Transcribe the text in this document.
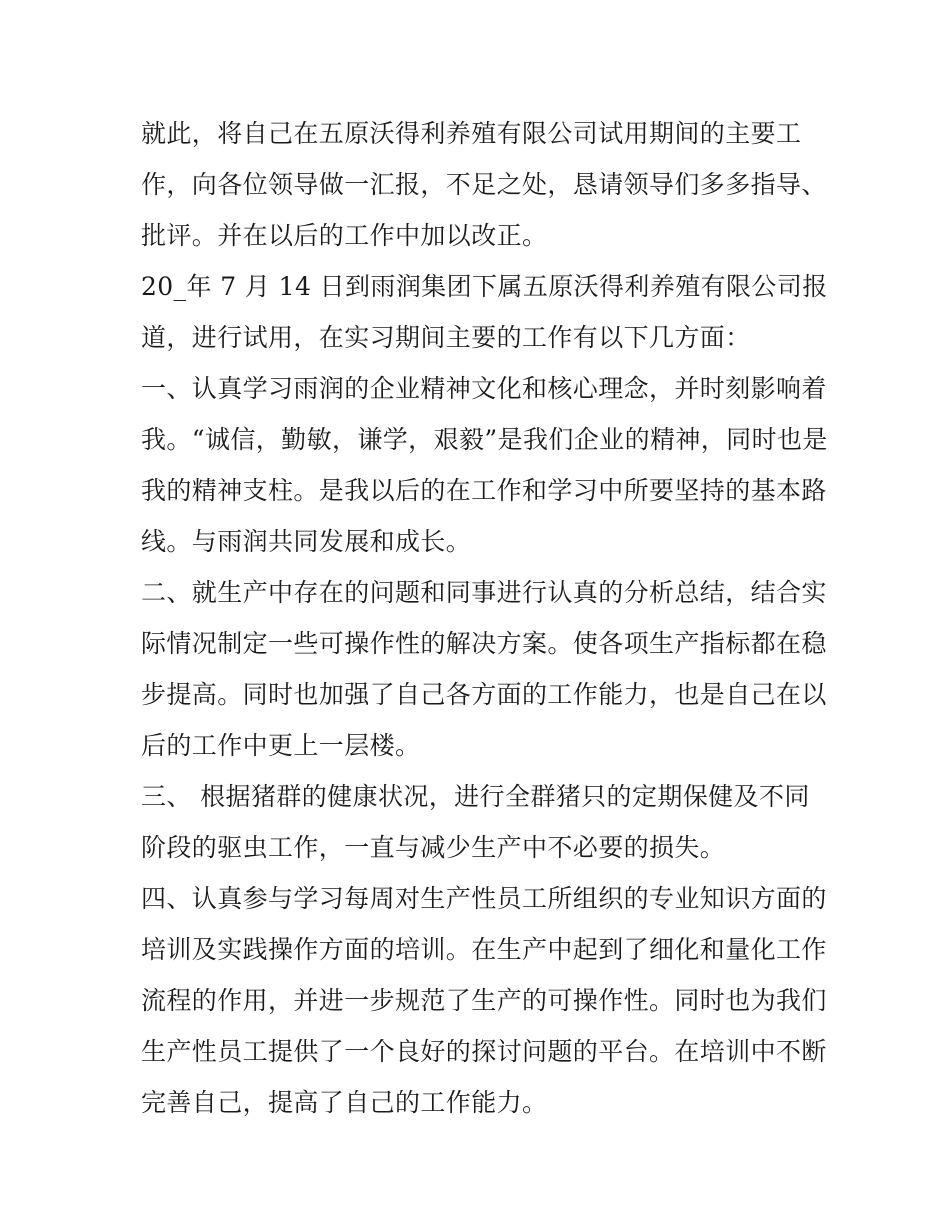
就此，将自己在五原沃得利养殖有限公司试用期间的主要工
作，向各位领导做一汇报，不足之处，恳请领导们多多指导、
批评。并在以后的工作中加以改正。

20_年 7 月 14 日到雨润集团下属五原沃得利养殖有限公司报
道，进行试用，在实习期间主要的工作有以下几方面：

一、认真学习雨润的企业精神文化和核心理念，并时刻影响着
我。“诚信，勤敏，谦学，艰毅”是我们企业的精神，同时也是
我的精神支柱。是我以后的在工作和学习中所要坚持的基本路
线。与雨润共同发展和成长。

二、就生产中存在的问题和同事进行认真的分析总结，结合实
际情况制定一些可操作性的解决方案。使各项生产指标都在稳
步提高。同时也加强了自己各方面的工作能力，也是自己在以
后的工作中更上一层楼。

三、 根据猪群的健康状况，进行全群猪只的定期保健及不同
阶段的驱虫工作，一直与减少生产中不必要的损失。

四、认真参与学习每周对生产性员工所组织的专业知识方面的
培训及实践操作方面的培训。在生产中起到了细化和量化工作
流程的作用，并进一步规范了生产的可操作性。同时也为我们
生产性员工提供了一个良好的探讨问题的平台。在培训中不断
完善自己，提高了自己的工作能力。
